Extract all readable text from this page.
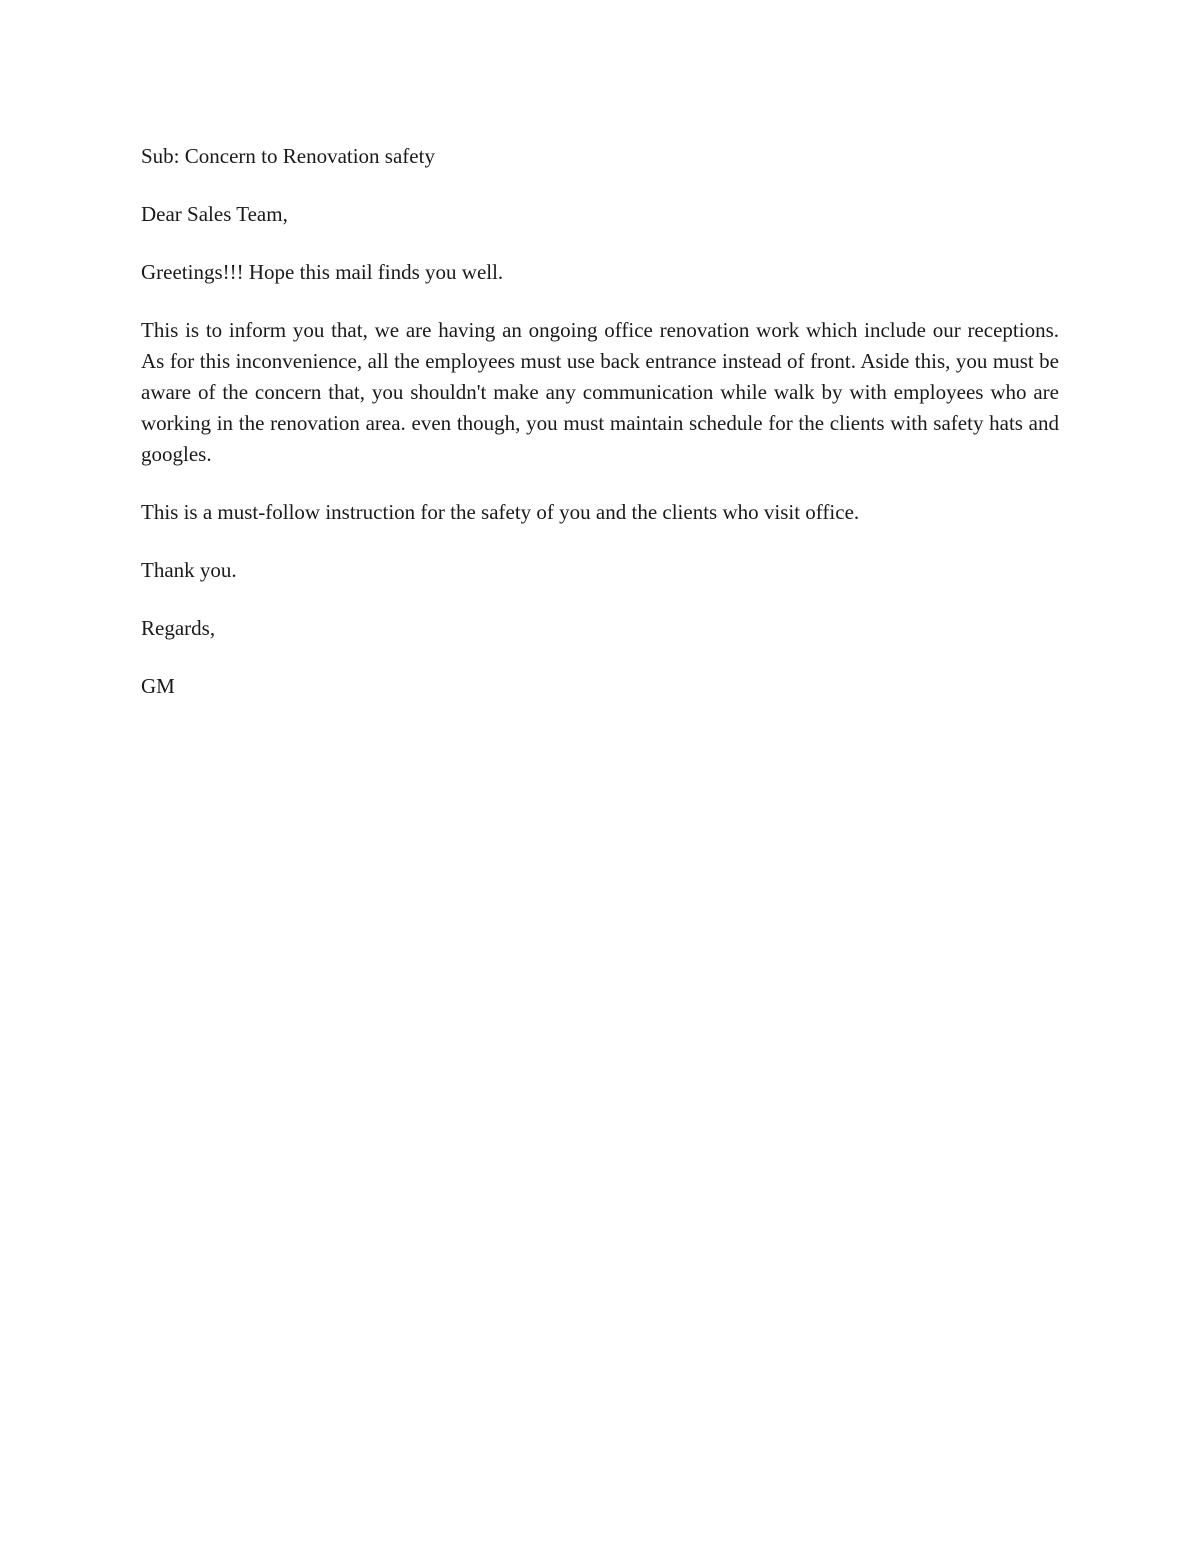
Sub: Concern to Renovation safety

Dear Sales Team,

Greetings!!! Hope this mail finds you well.

This is to inform you that, we are having an ongoing office renovation work which include our receptions. As for this inconvenience, all the employees must use back entrance instead of front. Aside this, you must be aware of the concern that, you shouldn't make any communication while walk by with employees who are working in the renovation area. even though, you must maintain schedule for the clients with safety hats and googles.

This is a must-follow instruction for the safety of you and the clients who visit office.

Thank you.

Regards,

GM
